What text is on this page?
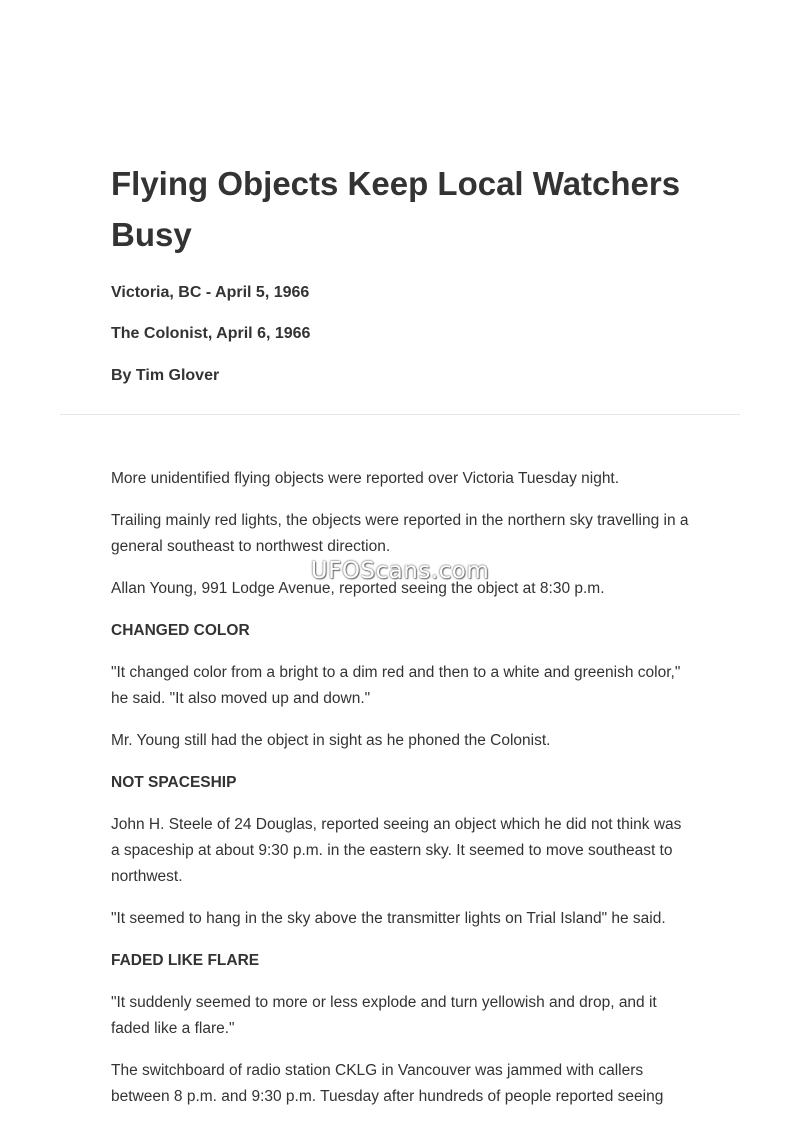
Flying Objects Keep Local Watchers Busy

Victoria, BC - April 5, 1966

The Colonist, April 6, 1966

By Tim Glover

More unidentified flying objects were reported over Victoria Tuesday night.

Trailing mainly red lights, the objects were reported in the northern sky travelling in a general southeast to northwest direction.

Allan Young, 991 Lodge Avenue, reported seeing the object at 8:30 p.m.

CHANGED COLOR

"It changed color from a bright to a dim red and then to a white and greenish color," he said. "It also moved up and down."

Mr. Young still had the object in sight as he phoned the Colonist.

NOT SPACESHIP

John H. Steele of 24 Douglas, reported seeing an object which he did not think was a spaceship at about 9:30 p.m. in the eastern sky. It seemed to move southeast to northwest.

"It seemed to hang in the sky above the transmitter lights on Trial Island" he said.

FADED LIKE FLARE

"It suddenly seemed to more or less explode and turn yellowish and drop, and it faded like a flare."

The switchboard of radio station CKLG in Vancouver was jammed with callers between 8 p.m. and 9:30 p.m. Tuesday after hundreds of people reported seeing

UFOScans.com
